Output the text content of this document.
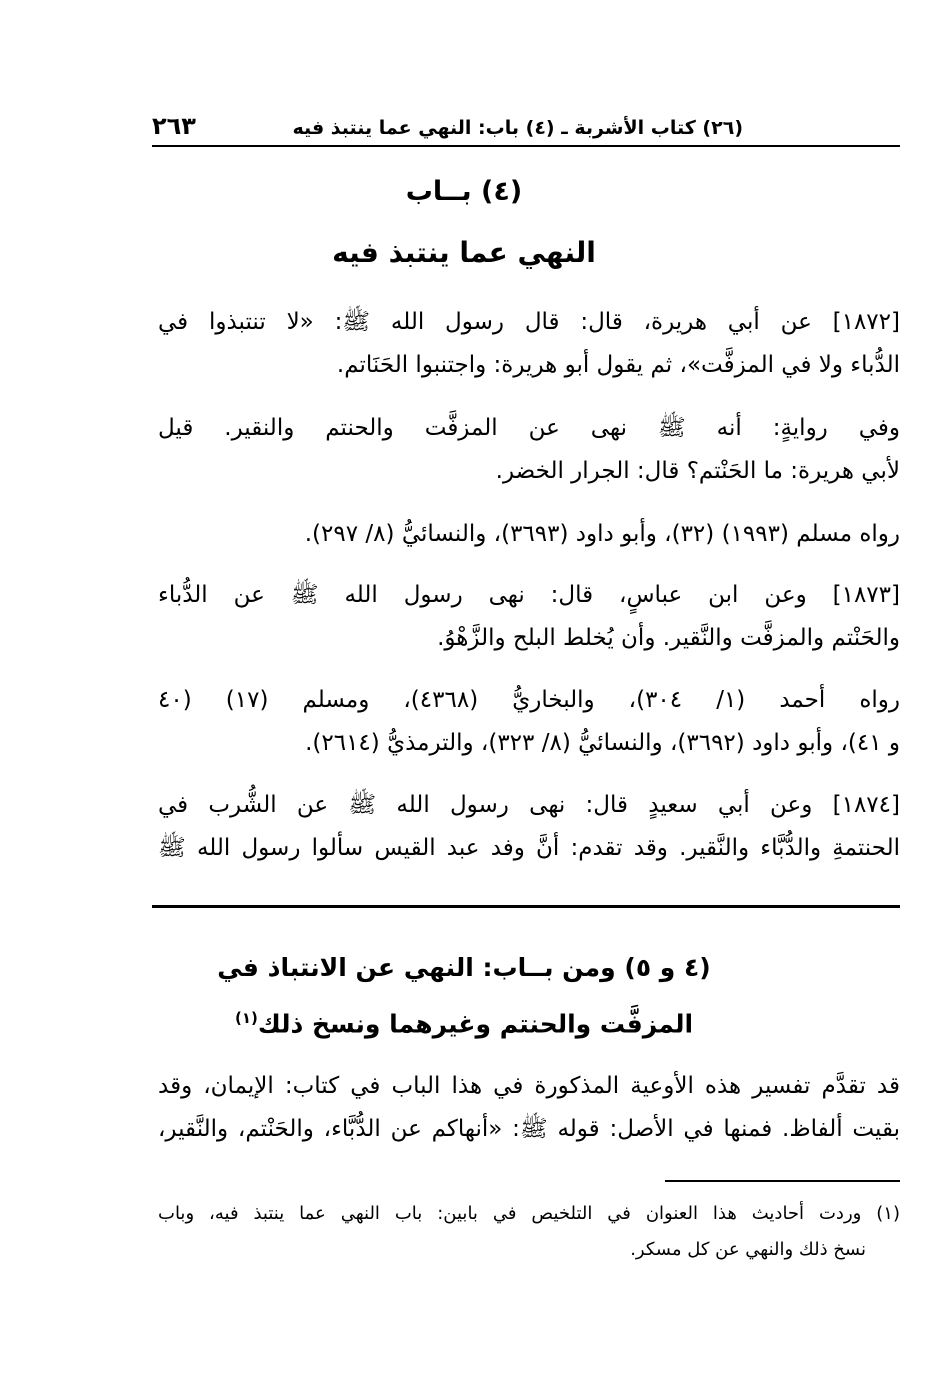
(٢٦) كتاب الأشربة ـ (٤) باب: النهي عما ينتبذ فيه
٢٦٣
(٤) بــاب
النهي عما ينتبذ فيه
[١٨٧٢] عن أبي هريرة، قال: قال رسول الله ﷺ: «لا تنتبذوا في
الدُّباء ولا في المزفَّت»، ثم يقول أبو هريرة: واجتنبوا الحَنَاتم.
وفي روايةٍ: أنه ﷺ نهى عن المزفَّت والحنتم والنقير. قيل
لأبي هريرة: ما الحَنْتم؟ قال: الجرار الخضر.
رواه مسلم (١٩٩٣) (٣٢)، وأبو داود (٣٦٩٣)، والنسائيُّ (٨/ ٢٩٧).
[١٨٧٣] وعن ابن عباسٍ، قال: نهى رسول الله ﷺ عن الدُّباء
والحَنْتم والمزفَّت والنَّقير. وأن يُخلط البلح والزَّهْوُ.
رواه أحمد (١/ ٣٠٤)، والبخاريُّ (٤٣٦٨)، ومسلم (١٧) (٤٠
و ٤١)، وأبو داود (٣٦٩٢)، والنسائيُّ (٨/ ٣٢٣)، والترمذيُّ (٢٦١٤).
[١٨٧٤] وعن أبي سعيدٍ قال: نهى رسول الله ﷺ عن الشُّرب في
الحنتمةِ والدُّبَّاء والنَّقير. وقد تقدم: أنَّ وفد عبد القيس سألوا رسول الله ﷺ
(٤ و ٥) ومن بــاب: النهي عن الانتباذ في
المزفَّت والحنتم وغيرهما ونسخ ذلك$^{(١)}$
قد تقدَّم تفسير هذه الأوعية المذكورة في هذا الباب في كتاب: الإيمان، وقد
بقيت ألفاظ. فمنها في الأصل: قوله ﷺ: «أنهاكم عن الدُّبَّاء، والحَنْتم، والنَّقير،
(١) وردت أحاديث هذا العنوان في التلخيص في بابين: باب النهي عما ينتبذ فيه، وباب
نسخ ذلك والنهي عن كل مسكر.
